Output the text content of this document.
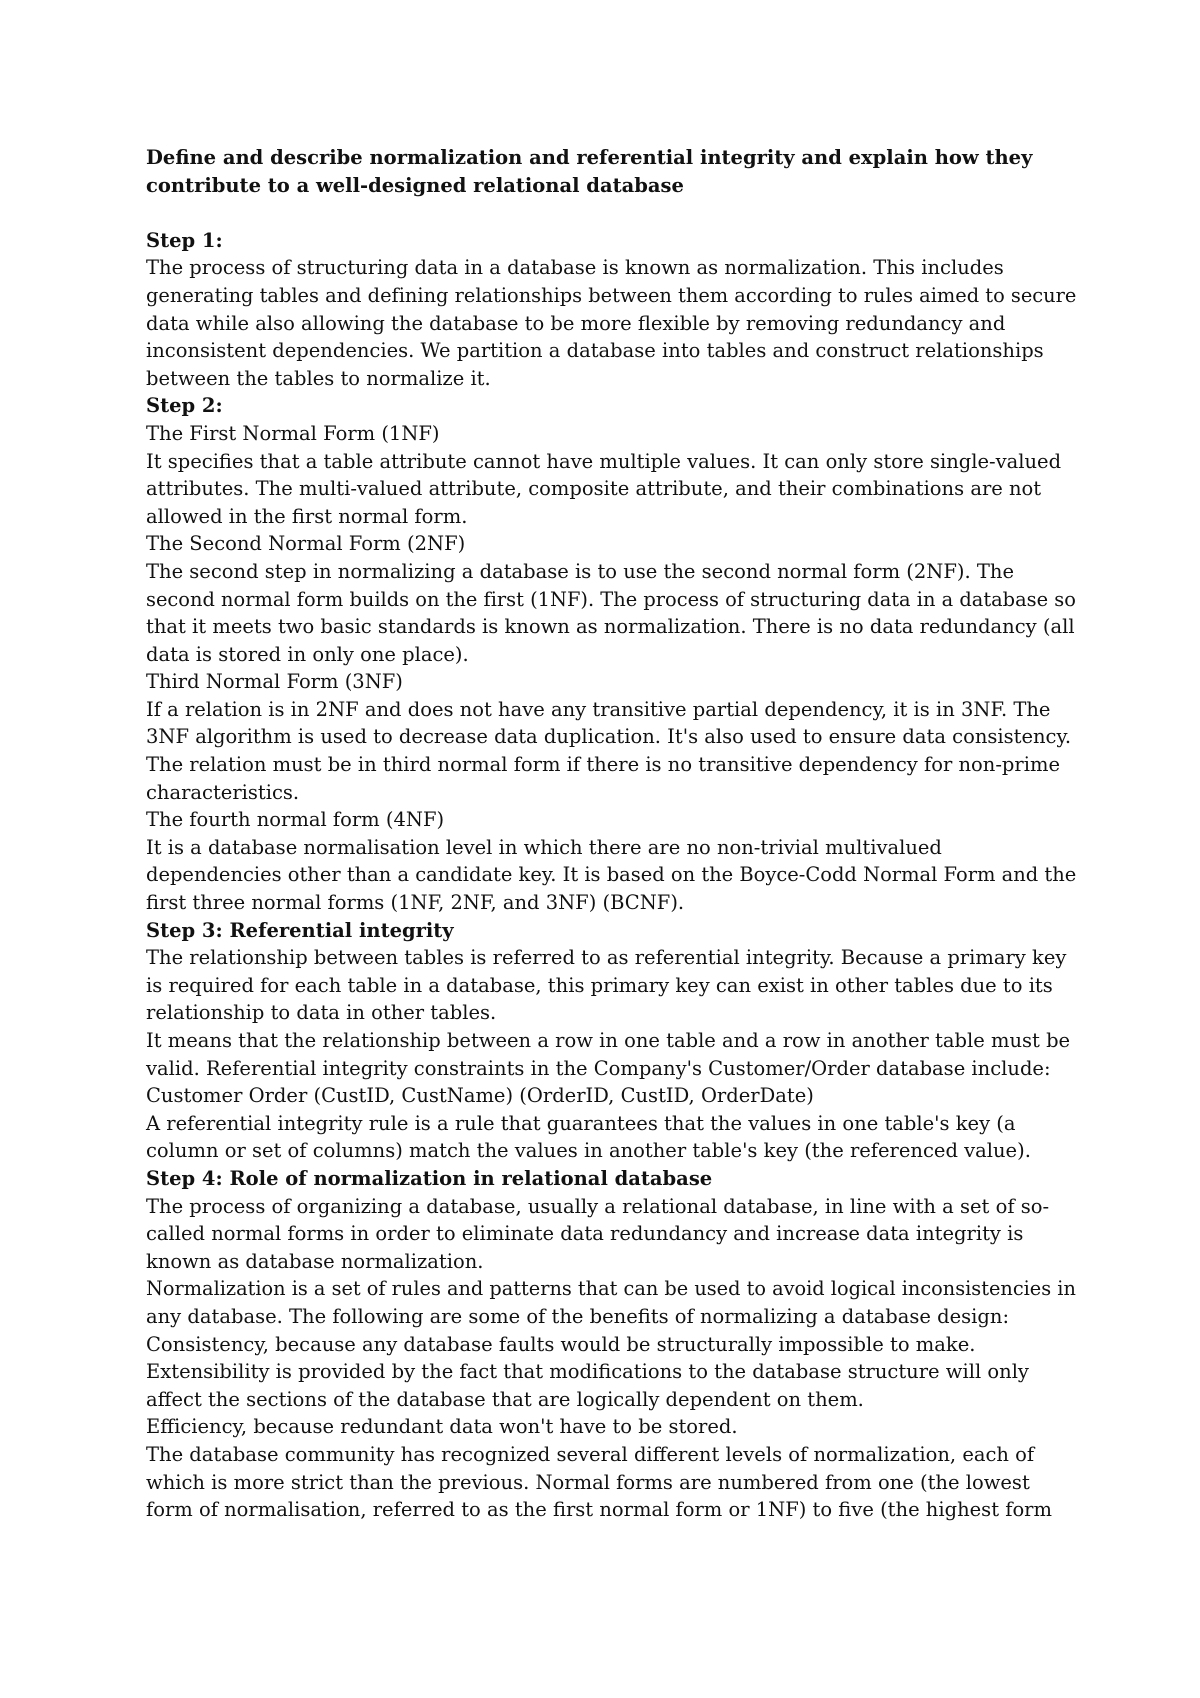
Define and describe normalization and referential integrity and explain how they
contribute to a well-designed relational database
Step 1:
The process of structuring data in a database is known as normalization. This includes
generating tables and defining relationships between them according to rules aimed to secure
data while also allowing the database to be more flexible by removing redundancy and
inconsistent dependencies. We partition a database into tables and construct relationships
between the tables to normalize it.
Step 2:
The First Normal Form (1NF)
It specifies that a table attribute cannot have multiple values. It can only store single-valued
attributes. The multi-valued attribute, composite attribute, and their combinations are not
allowed in the first normal form.
The Second Normal Form (2NF)
The second step in normalizing a database is to use the second normal form (2NF). The
second normal form builds on the first (1NF). The process of structuring data in a database so
that it meets two basic standards is known as normalization. There is no data redundancy (all
data is stored in only one place).
Third Normal Form (3NF)
If a relation is in 2NF and does not have any transitive partial dependency, it is in 3NF. The
3NF algorithm is used to decrease data duplication. It's also used to ensure data consistency.
The relation must be in third normal form if there is no transitive dependency for non-prime
characteristics.
The fourth normal form (4NF)
It is a database normalisation level in which there are no non-trivial multivalued
dependencies other than a candidate key. It is based on the Boyce-Codd Normal Form and the
first three normal forms (1NF, 2NF, and 3NF) (BCNF).
Step 3: Referential integrity
The relationship between tables is referred to as referential integrity. Because a primary key
is required for each table in a database, this primary key can exist in other tables due to its
relationship to data in other tables.
It means that the relationship between a row in one table and a row in another table must be
valid. Referential integrity constraints in the Company's Customer/Order database include:
Customer Order (CustID, CustName) (OrderID, CustID, OrderDate)
A referential integrity rule is a rule that guarantees that the values in one table's key (a
column or set of columns) match the values in another table's key (the referenced value).
Step 4: Role of normalization in relational database
The process of organizing a database, usually a relational database, in line with a set of so-
called normal forms in order to eliminate data redundancy and increase data integrity is
known as database normalization.
Normalization is a set of rules and patterns that can be used to avoid logical inconsistencies in
any database. The following are some of the benefits of normalizing a database design:
Consistency, because any database faults would be structurally impossible to make.
Extensibility is provided by the fact that modifications to the database structure will only
affect the sections of the database that are logically dependent on them.
Efficiency, because redundant data won't have to be stored.
The database community has recognized several different levels of normalization, each of
which is more strict than the previous. Normal forms are numbered from one (the lowest
form of normalisation, referred to as the first normal form or 1NF) to five (the highest form
